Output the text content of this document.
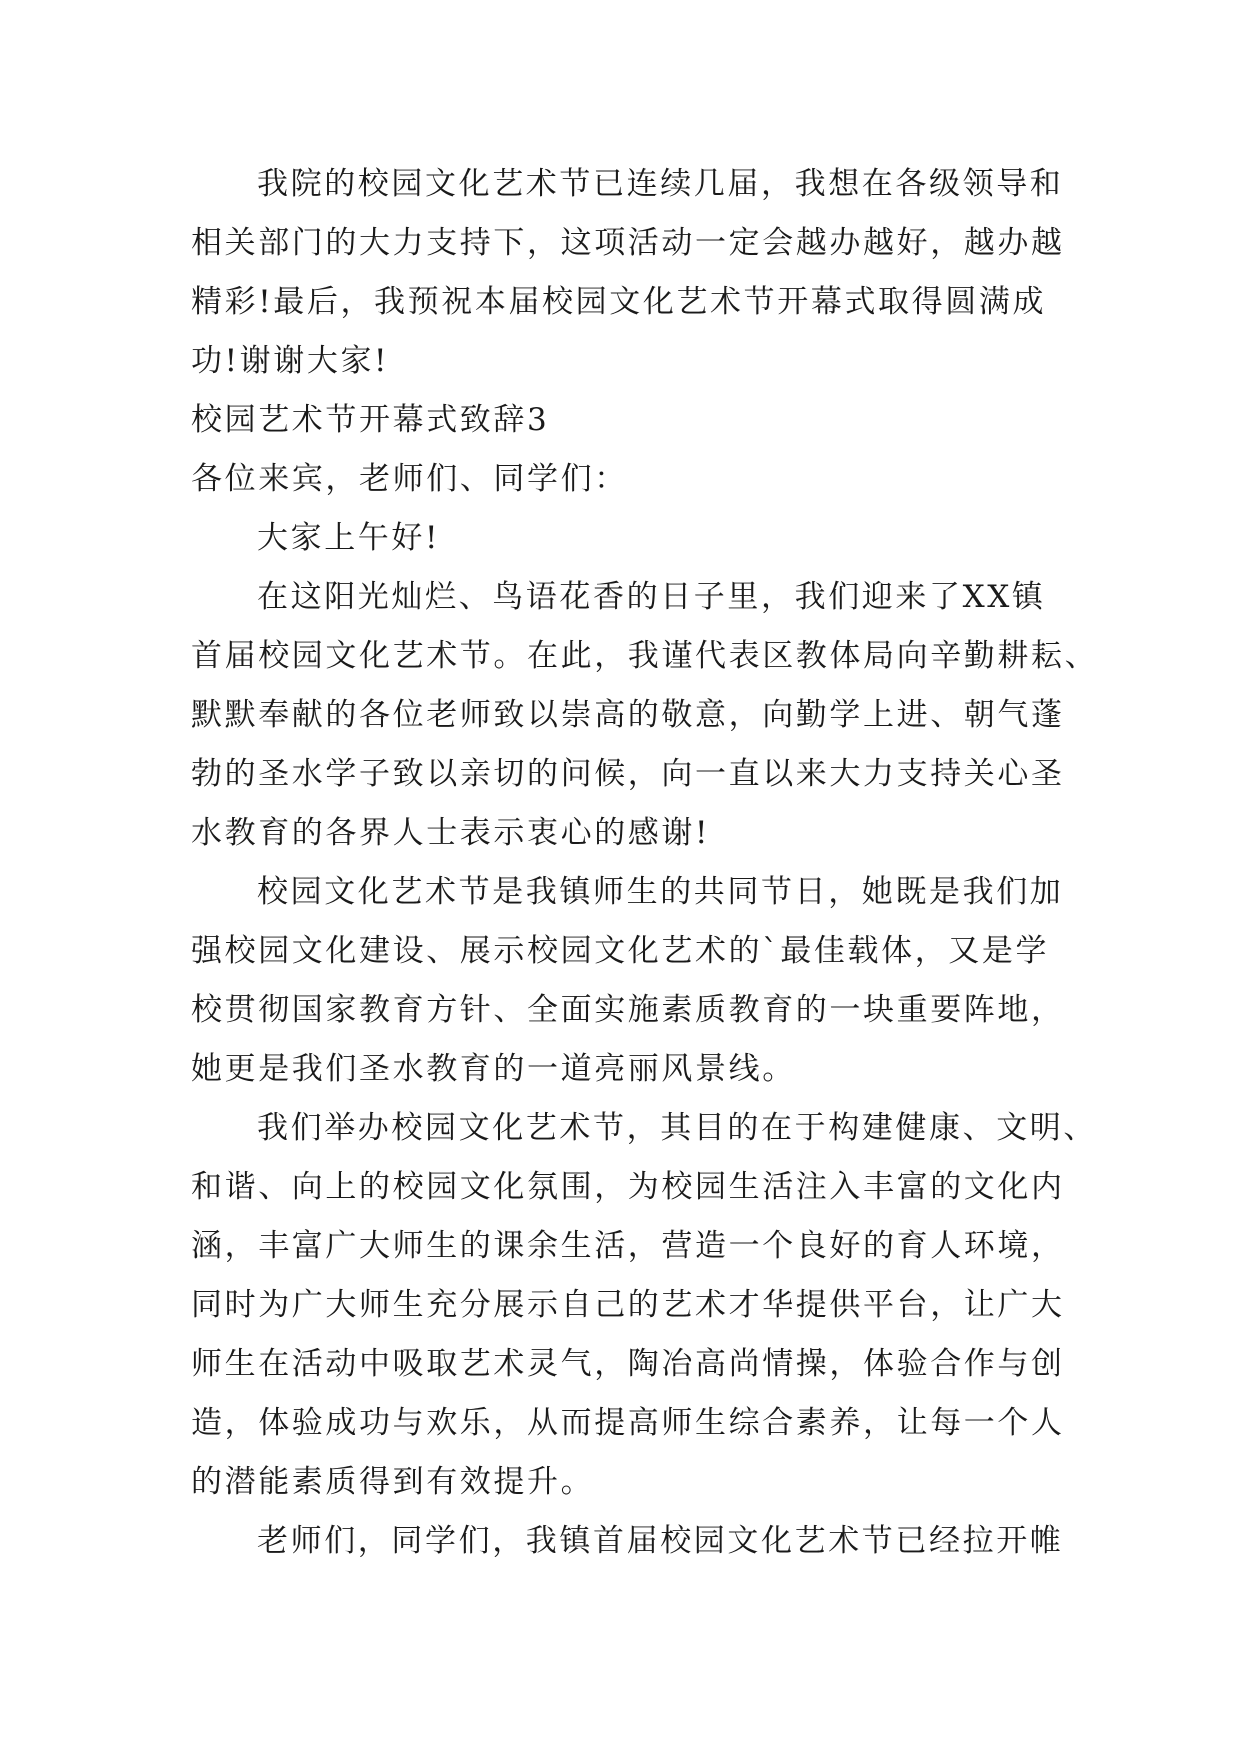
我院的校园文化艺术节已连续几届，我想在各级领导和
相关部门的大力支持下，这项活动一定会越办越好，越办越
精彩!最后，我预祝本届校园文化艺术节开幕式取得圆满成
功!谢谢大家!
校园艺术节开幕式致辞3
各位来宾，老师们、同学们：
大家上午好!
在这阳光灿烂、鸟语花香的日子里，我们迎来了XX镇
首届校园文化艺术节。在此，我谨代表区教体局向辛勤耕耘、
默默奉献的各位老师致以崇高的敬意，向勤学上进、朝气蓬
勃的圣水学子致以亲切的问候，向一直以来大力支持关心圣
水教育的各界人士表示衷心的感谢!
校园文化艺术节是我镇师生的共同节日，她既是我们加
强校园文化建设、展示校园文化艺术的`最佳载体，又是学
校贯彻国家教育方针、全面实施素质教育的一块重要阵地，
她更是我们圣水教育的一道亮丽风景线。
我们举办校园文化艺术节，其目的在于构建健康、文明、
和谐、向上的校园文化氛围，为校园生活注入丰富的文化内
涵，丰富广大师生的课余生活，营造一个良好的育人环境，
同时为广大师生充分展示自己的艺术才华提供平台，让广大
师生在活动中吸取艺术灵气，陶冶高尚情操，体验合作与创
造，体验成功与欢乐，从而提高师生综合素养，让每一个人
的潜能素质得到有效提升。
老师们，同学们，我镇首届校园文化艺术节已经拉开帷
